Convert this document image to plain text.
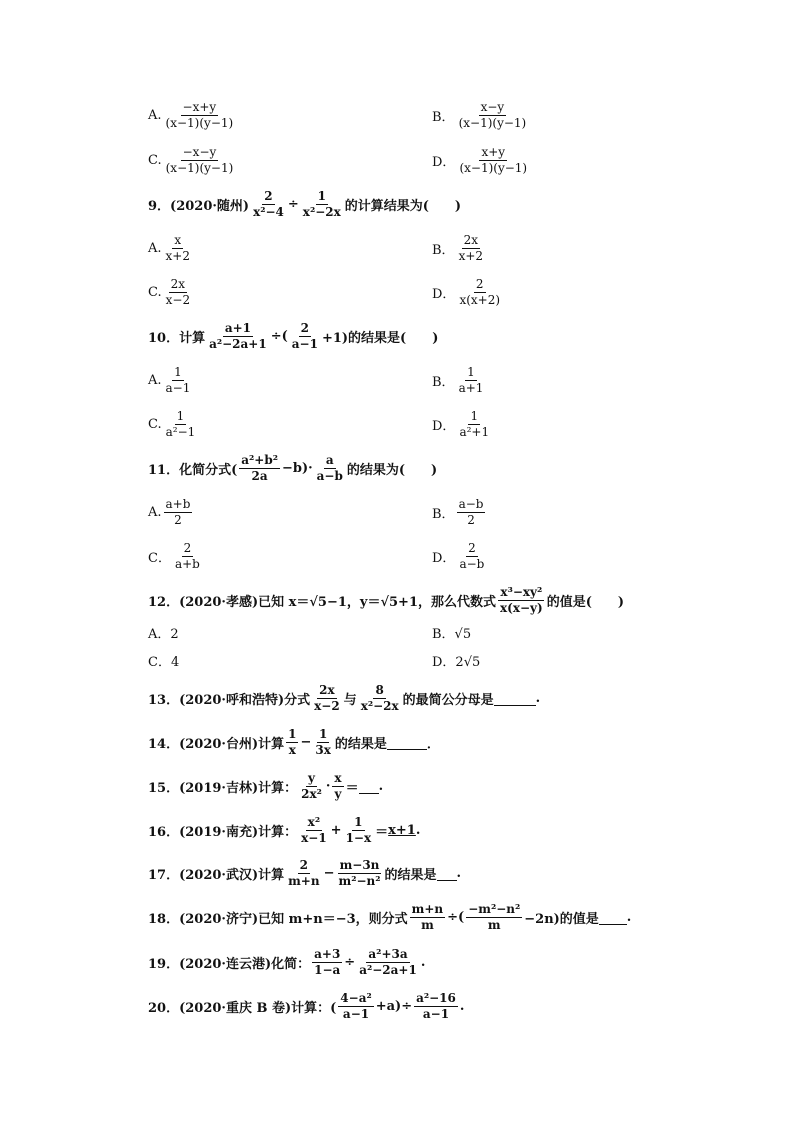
A. $\frac{-x+y}{(x-1)(y-1)}$	B． $\frac{x-y}{(x-1)(y-1)}$
C. $\frac{-x-y}{(x-1)(y-1)}$	D． $\frac{x+y}{(x-1)(y-1)}$
9．(2020·随州) $\frac{2}{\text{x²−4}} \div \frac{1}{\text{x²−2x}}$ 的计算结果为(　　)
A. $\frac{x}{x+2}$	B． $\frac{2x}{x+2}$
C. $\frac{2x}{x-2}$	D． $\frac{2}{x(x+2)}$
10．计算 $\frac{a+1}{\text{a²−2a+1}}$ ÷( $\frac{2}{a-1} +1$)的结果是(　　)
A. $\frac{1}{a-1}$	B． $\frac{1}{a+1}$
C. $\frac{1}{\text{a²−1}}$	D． $\frac{1}{\text{a²+1}}$
11．化简分式( $\frac{\text{a²+b²}}{2a} -b)\cdot \frac{a}{a-b}$ 的结果为(　　)
A. $\frac{a+b}{2}$	B． $\frac{a-b}{2}$
C． $\frac{2}{a+b}$	D． $\frac{2}{a-b}$
12．(2020·孝感)已知 x＝√5−1，y＝√5+1，那么代数式 $\frac{\text{x³−xy²}}{x(x-y)}$ 的值是(　　)
A．2	B．√5
C．4	D．2√5
13．(2020·呼和浩特)分式 $\frac{2x}{x-2}$ 与 $\frac{8}{\text{x²−2x}}$ 的最简公分母是	.
14．(2020·台州)计算 $\frac{1}{x} - \frac{1}{3x}$ 的结果是	．
15．(2019·吉林)计算： $\frac{y}{\text{2x²}} \cdot \frac{x}{y}$ ＝ .
16．(2019·南充)计算： $\frac{\text{x²}}{x-1} + \frac{1}{1-x} = x+1$ .
17．(2020·武汉)计算 $\frac{2}{m+n} - \frac{m-3n}{\text{m²−n²}}$ 的结果是 .
18．(2020·济宁)已知 m+n＝−3，则分式 $\frac{m+n}{m}$ ÷( $\frac{\text{−m²−n²}}{m} -2n$)的值是 .
19．(2020·连云港)化简： $\frac{a+3}{1-a} \div \frac{\text{a²+3a}}{\text{a²−2a+1}}$ .
20．(2020·重庆 B 卷)计算：( $\frac{\text{4−a²}}{a-1} +a)\div \frac{\text{a²−16}}{a-1}$ .
